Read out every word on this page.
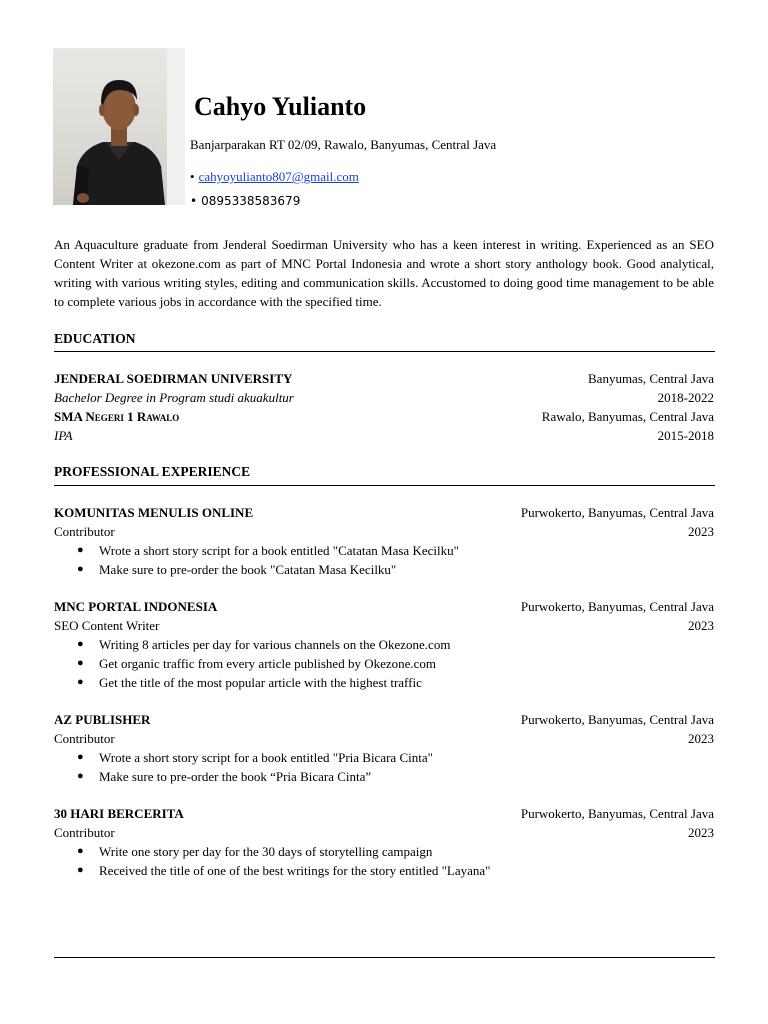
Cahyo Yulianto
Banjarparakan RT 02/09, Rawalo, Banyumas, Central Java
• cahyoyulianto807@gmail.com
• 0895338583679

An Aquaculture graduate from Jenderal Soedirman University who has a keen interest in writing. Experienced as an SEO Content Writer at okezone.com as part of MNC Portal Indonesia and wrote a short story anthology book. Good analytical, writing with various writing styles, editing and communication skills. Accustomed to doing good time management to be able to complete various jobs in accordance with the specified time.

EDUCATION
JENDERAL SOEDIRMAN UNIVERSITY	Banyumas, Central Java
Bachelor Degree in Program studi akuakultur	2018-2022
SMA Negeri 1 Rawalo	Rawalo, Banyumas, Central Java
IPA	2015-2018
PROFESSIONAL EXPERIENCE
KOMUNITAS MENULIS ONLINE	Purwokerto, Banyumas, Central Java
Contributor	2023
● Wrote a short story script for a book entitled "Catatan Masa Kecilku"
● Make sure to pre-order the book "Catatan Masa Kecilku"
MNC PORTAL INDONESIA	Purwokerto, Banyumas, Central Java
SEO Content Writer	2023
● Writing 8 articles per day for various channels on the Okezone.com
● Get organic traffic from every article published by Okezone.com
● Get the title of the most popular article with the highest traffic
AZ PUBLISHER	Purwokerto, Banyumas, Central Java
Contributor	2023
● Wrote a short story script for a book entitled "Pria Bicara Cinta"
● Make sure to pre-order the book “Pria Bicara Cinta”
30 HARI BERCERITA	Purwokerto, Banyumas, Central Java
Contributor	2023
● Write one story per day for the 30 days of storytelling campaign
● Received the title of one of the best writings for the story entitled "Layana"
